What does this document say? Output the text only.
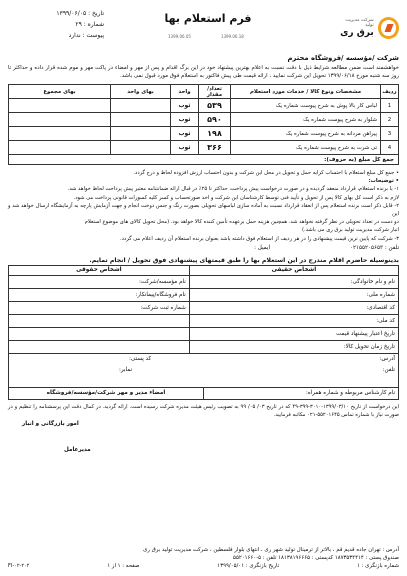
شرکت مدیریت تولید
برق ری
فرم استعلام بها
1399.06.05	1399.06.18
تاریخ : ۱۳۹۹/۰۶/۰۵
شماره : ۲۹
پیوست : ندارد
شرکت /مؤسسه /فروشگاه محترم
خواهشمند است ضمن مطالعه شرایط ذیل با دقت نسبت به اعلام بهترین پیشنهاد خود در این برگ اقدام و پس از مهر و امضاء در پاکت مهر و موم شده قرار داده و حداکثر تا روز سه شنبه مورخ ۱۳۹۹/۰۶/۱۸ تحویل این شرکت نمایید ، ارائه قیمت طی پیش فاکتور به استعلام فوق مورد قبول نمی باشد.
ردیف	مشخصات ونوع کالا / خدمات مورد استعلام	تعداد/ مقدار	واحد	بهای واحد	بهای مجموع
1	لباس کار بالا پوش به شرح پیوست شماره یک	۵۳۹	ثوب		
2	شلوار به شرح پیوست شماره یک	۵۹۰	ثوب		
3	پیراهن مردانه به شرح پیوست شماره یک	۱۹۸	ثوب		
4	تی شرت به شرح پیوست شماره یک	۳۶۶	ثوب		
جمع کل مبلغ (به حروف):
• جمع کل مبلغ استعلام با احتساب کرایه حمل و تحویل در محل این شرکت و بدون احتساب ارزش افزوده لحاظ و درج گردد.
• توضیحات:
۱- با برنده استعلام، قرارداد منعقد گردیده و در صورت درخواست پیش پرداخت، حداکثر تا ۲۵٪ در قبال ارائه ضمانتنامه معتبر پیش پرداخت لحاظ خواهد شد.
لازم به ذکر است کل بهای کالا پس از تحویل و تأیید فنی توسط کارشناسان این شرکت و اخذ صورتحساب و کسر کلیه کسورات قانونی پرداخت می شود.
۲- قابل ذکر است برنده استعلام پس از انعقاد قرارداد نسبت به آماده سازی لباسهای تحویلی بصورت رنگ و جنس دوخت انجام و جهت آزمایش پارچه به آزمایشگاه ارسال خواهد شد و این
دو دست در تعداد تحویلی در نظر گرفته نخواهد شد. همچنین هزینه حمل برعهده تأمین کننده کالا خواهد بود. (محل تحویل کالای های موضوع استعلام
انبار شرکت مدیریت تولید برق ری می باشد.)
۳- شرکت که پایین ترین قیمت پیشنهادی را در هر ردیف از استعلام فوق داشته باشد بعنوان برنده استعلام آن ردیف اعلام می گردد.
تلفن : ۰۲۱۵۵۲۰۵۶۵۳
ایمیل :
بدینوسیله حاضرم اقلام مندرج در این استعلام بها را طبق قیمتهای پیشنهادی فوق تحویل / انجام تمایم.
اشخاص حقیقی	اشخاص حقوقی
نام و نام خانوادگی:	نام مؤسسه/شرکت:
شماره ملی:	نام فروشگاه/پیمانکار:
کد اقتصادی:	شماره ثبت شرکت:
کد ملی:	
تاریخ اعتبار پیشنهاد قیمت	
تاریخ زمان تحویل کالا:	
آدرس:
کد پستی:
تلفن:
نمابر:
نام کارشناس مربوطه و شماره همراه:
امضاء مدیر و مهر شرکت/مؤسسه/فروشگاه
این درخواست از تاریخ ۱۳۹۹/۰۳/۱۰-۳۰۱۰-۳۹۹-۴۹ که در تاریخ ۰۳/ ۰۵/ ۹۹ به تصویب رئیس هیئت مدیره شرکت رسیده است. ارائه گردید. در کمال دقت این پرسشنامه را تنظیم و در صورت نیاز با شماره تماس ۵۵۲۰۱۶۴۵-۰۲۱ مکاتبه فرمایید.
امور بازرگانی و انبار
مدیرعامل
آدرس : تهران جاده قدیم قم ، بالاتر از ترمینال تولید شهر ری ، انتهای بلوار فلسطین ، شرکت مدیریت تولید برق ری
صندوق پستی : ۱۸۷۳۵۳۴۴۱۴ کدپستی : ۱۸۱۳۸۱۹۶۶۶۵ تلفن : ۵-۵۵۲۰۱۶۶۰
شماره بازنگری : ۱
تاریخ بازنگری : ۱۳۹۹/۰۵/۰۱
صفحه : ۱ از ۱
FI-۰۲-۲۰۲
